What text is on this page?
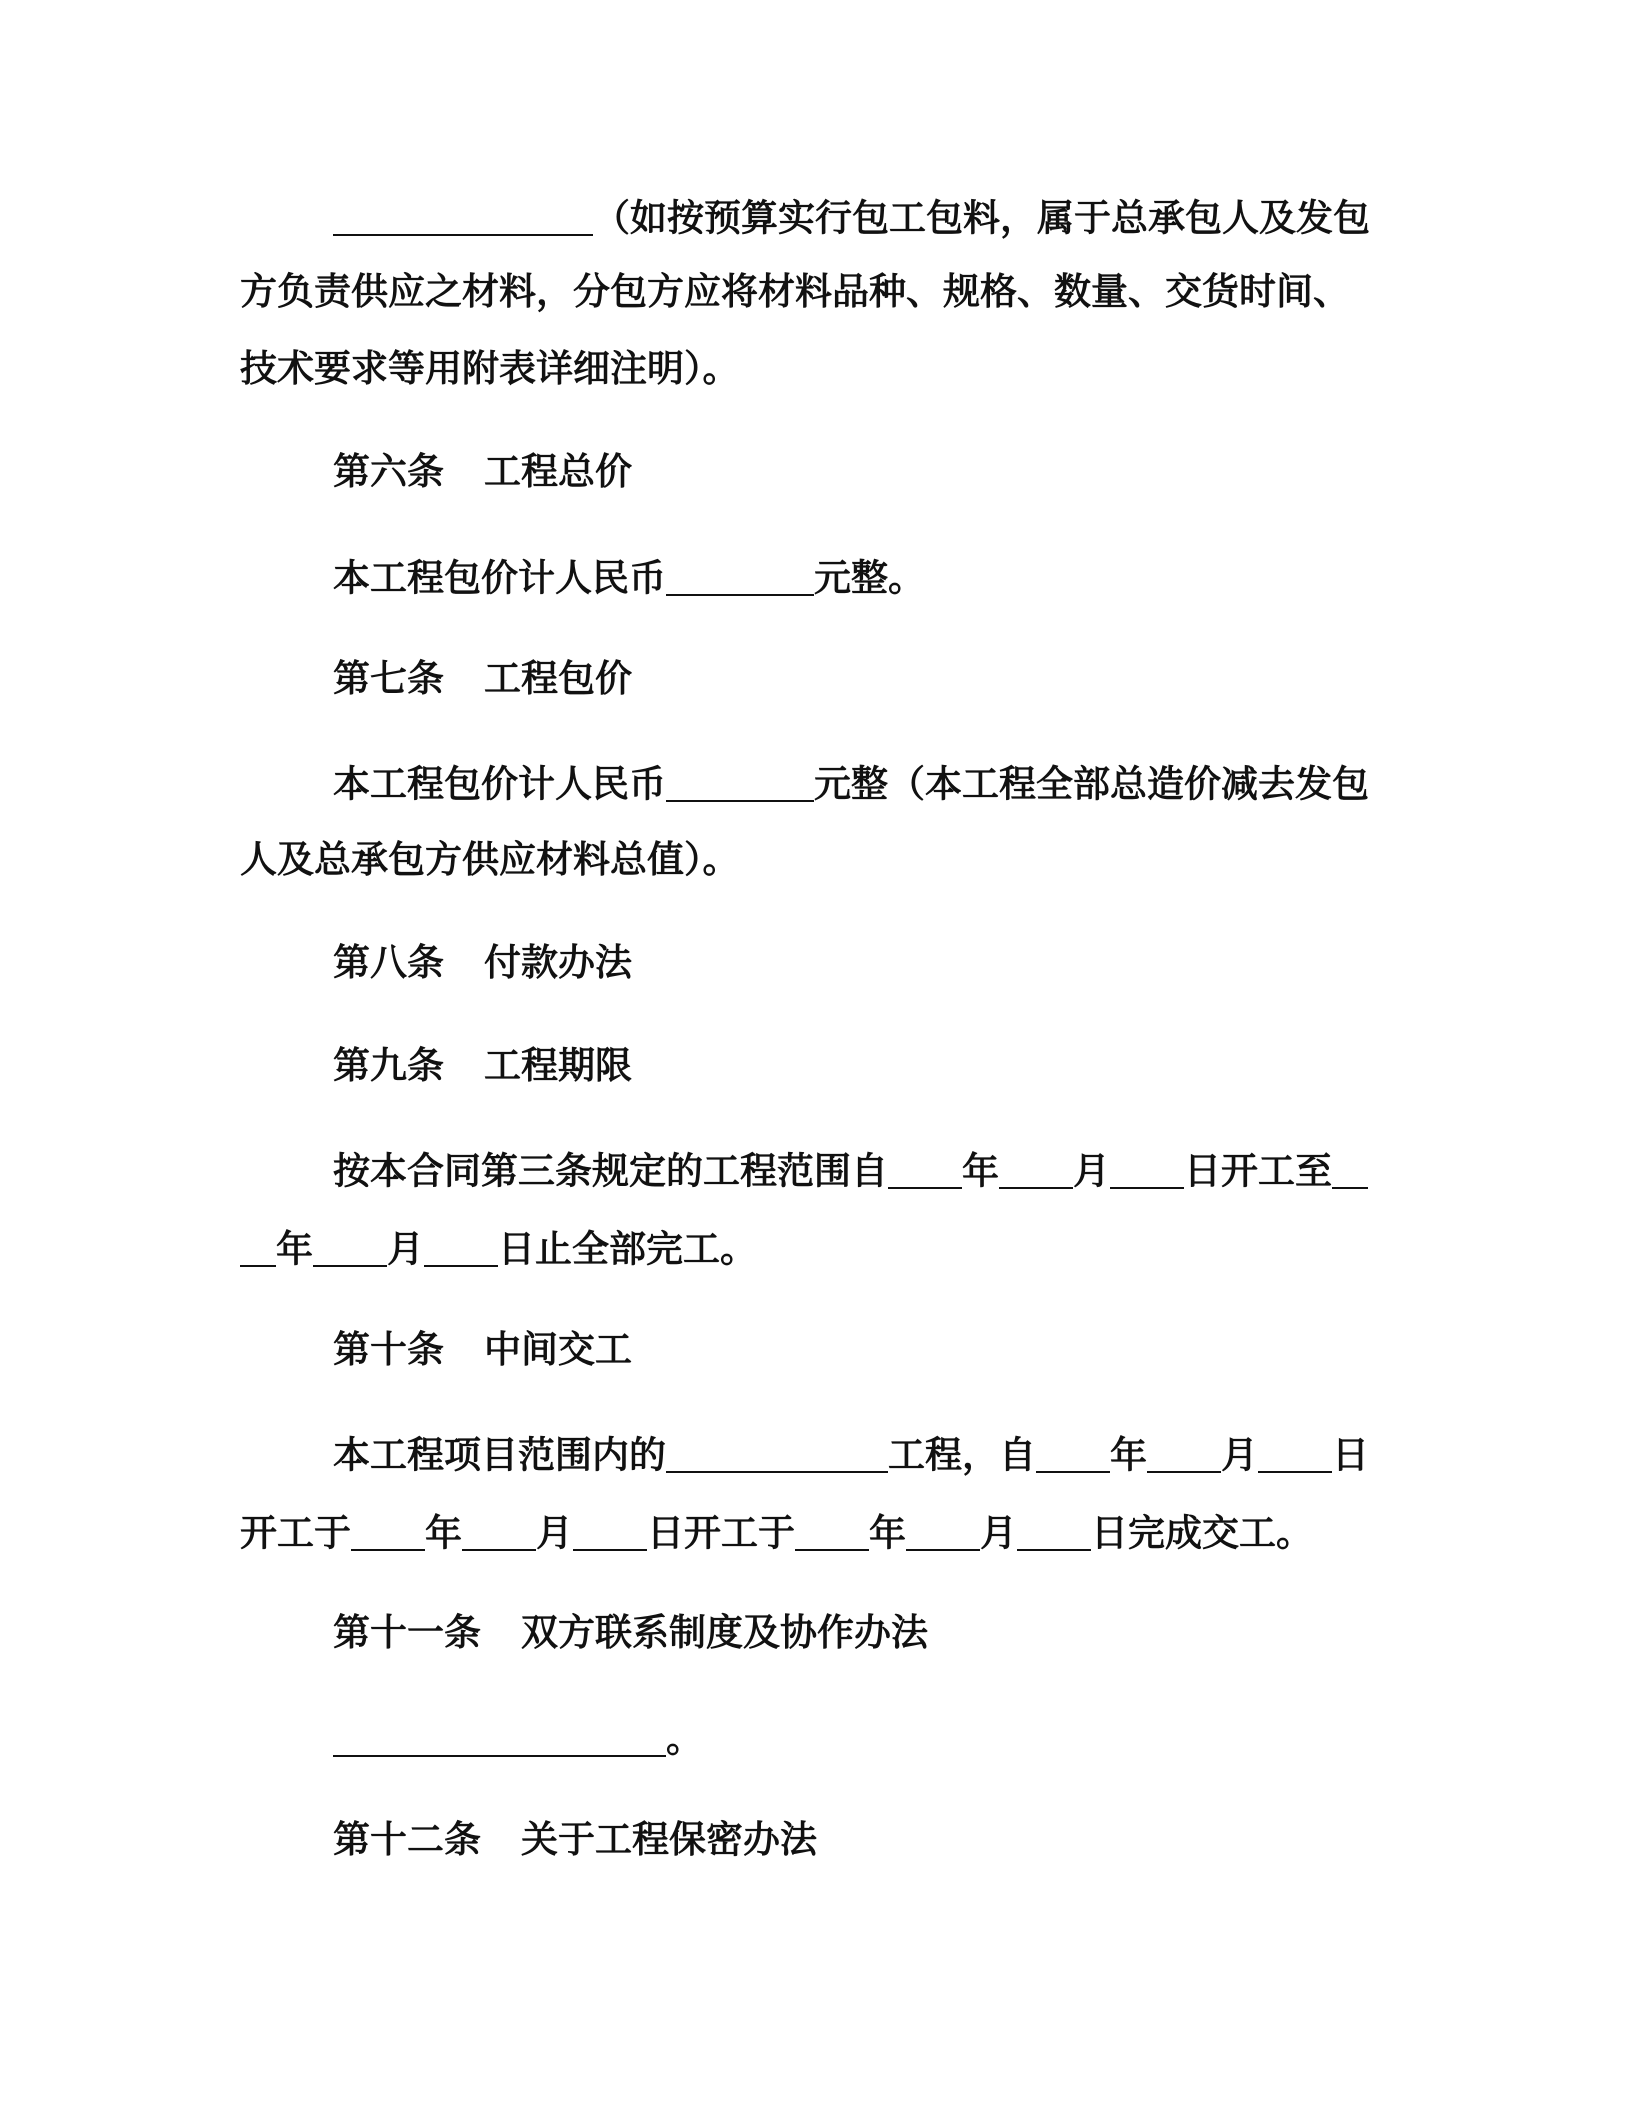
（如按预算实行包工包料，属于总承包人及发包
方负责供应之材料，分包方应将材料品种、规格、数量、交货时间、
技术要求等用附表详细注明）。
第六条 工程总价
本工程包价计人民币	元整。
第七条 工程包价
本工程包价计人民币	元整（本工程全部总造价减去发包
人及总承包方供应材料总值）。
第八条 付款办法
第九条 工程期限
按本合同第三条规定的工程范围自 年 月 日开工至
年 月 日止全部完工。
第十条 中间交工
本工程项目范围内的	工程，自 年 月 日
开工于 年 月 日开工于 年 月 日完成交工。
第十一条 双方联系制度及协作办法
。
第十二条 关于工程保密办法
